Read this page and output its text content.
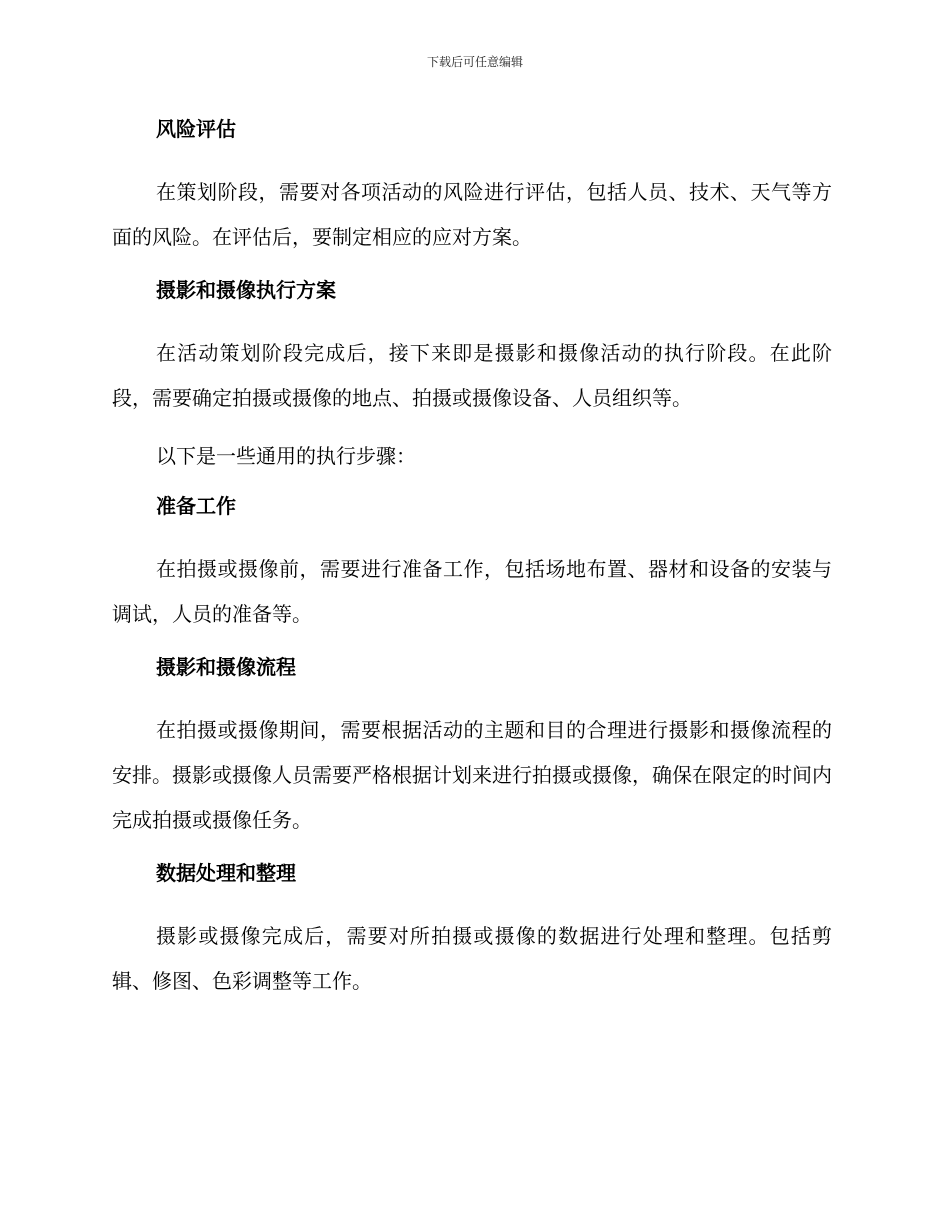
下载后可任意编辑
风险评估
在策划阶段，需要对各项活动的风险进行评估，包括人员、技术、天气等方面的风险。在评估后，要制定相应的应对方案。
摄影和摄像执行方案
在活动策划阶段完成后，接下来即是摄影和摄像活动的执行阶段。在此阶段，需要确定拍摄或摄像的地点、拍摄或摄像设备、人员组织等。
以下是一些通用的执行步骤：
准备工作
在拍摄或摄像前，需要进行准备工作，包括场地布置、器材和设备的安装与调试，人员的准备等。
摄影和摄像流程
在拍摄或摄像期间，需要根据活动的主题和目的合理进行摄影和摄像流程的安排。摄影或摄像人员需要严格根据计划来进行拍摄或摄像，确保在限定的时间内完成拍摄或摄像任务。
数据处理和整理
摄影或摄像完成后，需要对所拍摄或摄像的数据进行处理和整理。包括剪辑、修图、色彩调整等工作。
